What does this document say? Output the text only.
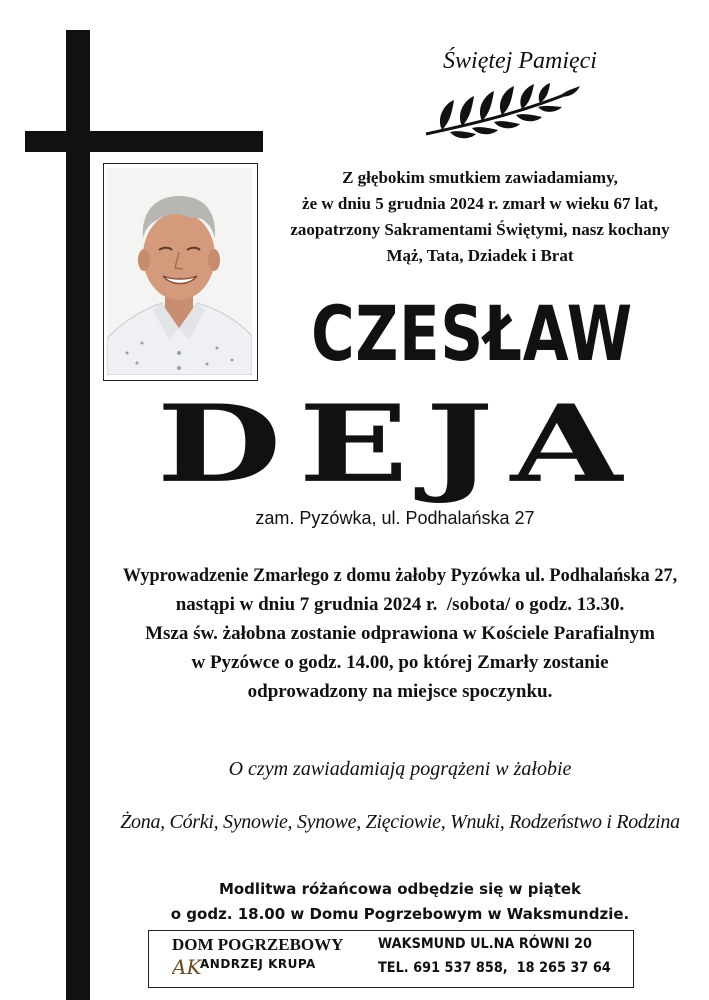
Świętej Pamięci
Z głębokim smutkiem zawiadamiamy,
że w dniu 5 grudnia 2024 r. zmarł w wieku 67 lat,
zaopatrzony Sakramentami Świętymi, nasz kochany
Mąż, Tata, Dziadek i Brat
CZESŁAW
DEJA
zam. Pyzówka, ul. Podhalańska 27
Wyprowadzenie Zmarłego z domu żałoby Pyzówka ul. Podhalańska 27,
nastąpi w dniu 7 grudnia 2024 r.  /sobota/ o godz. 13.30.
Msza św. żałobna zostanie odprawiona w Kościele Parafialnym
w Pyzówce o godz. 14.00, po której Zmarły zostanie
odprowadzony na miejsce spoczynku.
O czym zawiadamiają pogrążeni w żałobie
Żona, Córki, Synowie, Synowe, Zięciowie, Wnuki, Rodzeństwo i Rodzina
Modlitwa różańcowa odbędzie się w piątek
o godz. 18.00 w Domu Pogrzebowym w Waksmundzie.
DOM POGRZEBOWY
AK
ANDRZEJ KRUPA
WAKSMUND UL.NA RÓWNI 20
TEL. 691 537 858,  18 265 37 64
